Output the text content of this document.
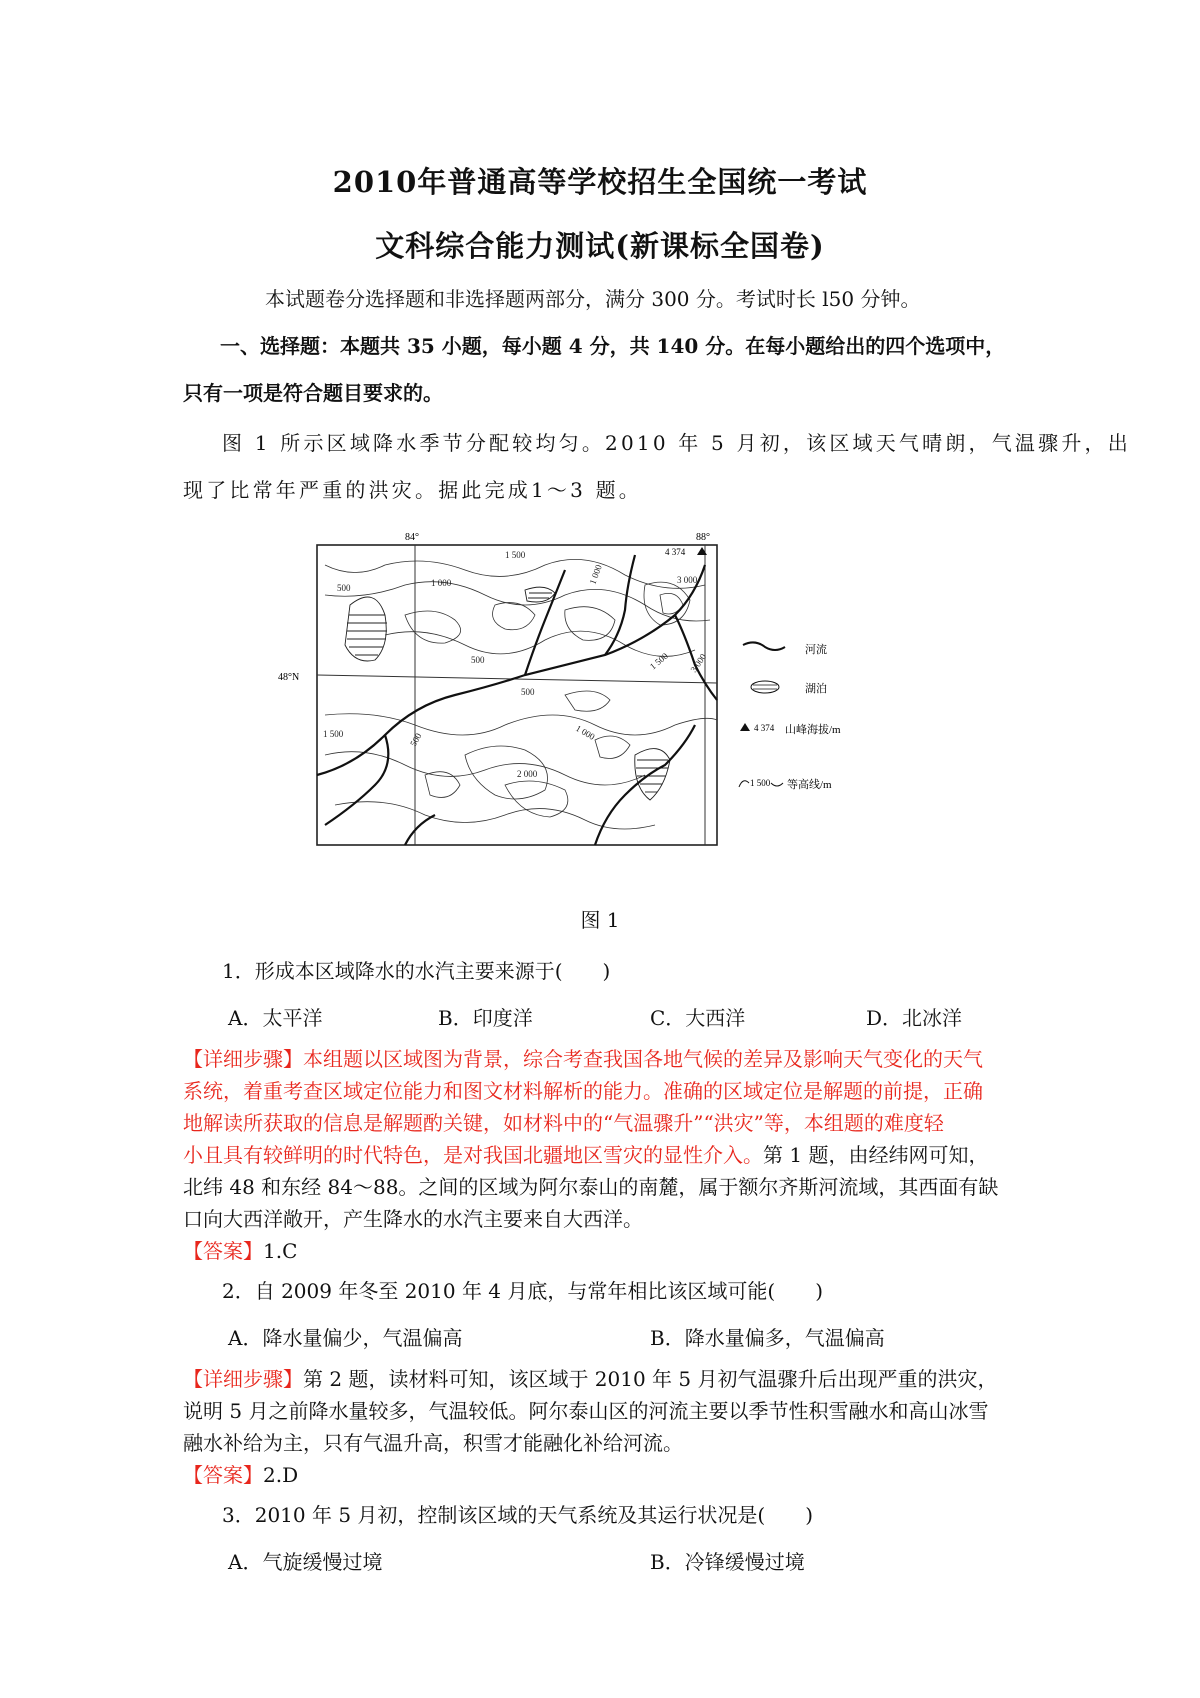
2010年普通高等学校招生全国统一考试
文科综合能力测试(新课标全国卷)
本试题卷分选择题和非选择题两部分，满分 300 分。考试时长 l50 分钟。
一、选择题：本题共 35 小题，每小题 4 分，共 140 分。在每小题给出的四个选项中，
只有一项是符合题目要求的。
图 1 所示区域降水季节分配较均匀。2010 年 5 月初，该区域天气晴朗，气温骤升，出
现了比常年严重的洪灾。据此完成1～3 题。
84°	88°
48°N
500	1 000
1 500
1 000	3 000
500	1 500 3 000
500
1 000
1 500	500
2 000
4 374
河流
湖泊
4 374 山峰海拔/m
1 500 等高线/m
图 1
1．形成本区域降水的水汽主要来源于(　　)
A．太平洋	B．印度洋	C．大西洋	D．北冰洋
【详细步骤】本组题以区域图为背景，综合考查我国各地气候的差异及影响天气变化的天气
系统，着重考查区域定位能力和图文材料解析的能力。准确的区域定位是解题的前提，正确
地解读所获取的信息是解题酌关键，如材料中的“气温骤升”“洪灾”等，本组题的难度轻
小且具有较鲜明的时代特色，是对我国北疆地区雪灾的显性介入。第 1 题，由经纬网可知，
北纬 48 和东经 84～88。之间的区域为阿尔泰山的南麓，属于额尔齐斯河流域，其西面有缺
口向大西洋敞开，产生降水的水汽主要来自大西洋。
【答案】1.C
2．自 2009 年冬至 2010 年 4 月底，与常年相比该区域可能(　　)
A．降水量偏少，气温偏高	B．降水量偏多，气温偏高
【详细步骤】第 2 题，读材料可知，该区域于 2010 年 5 月初气温骤升后出现严重的洪灾，
说明 5 月之前降水量较多，气温较低。阿尔泰山区的河流主要以季节性积雪融水和高山冰雪
融水补给为主，只有气温升高，积雪才能融化补给河流。
【答案】2.D
3．2010 年 5 月初，控制该区域的天气系统及其运行状况是(　　)
A．气旋缓慢过境	B．冷锋缓慢过境
